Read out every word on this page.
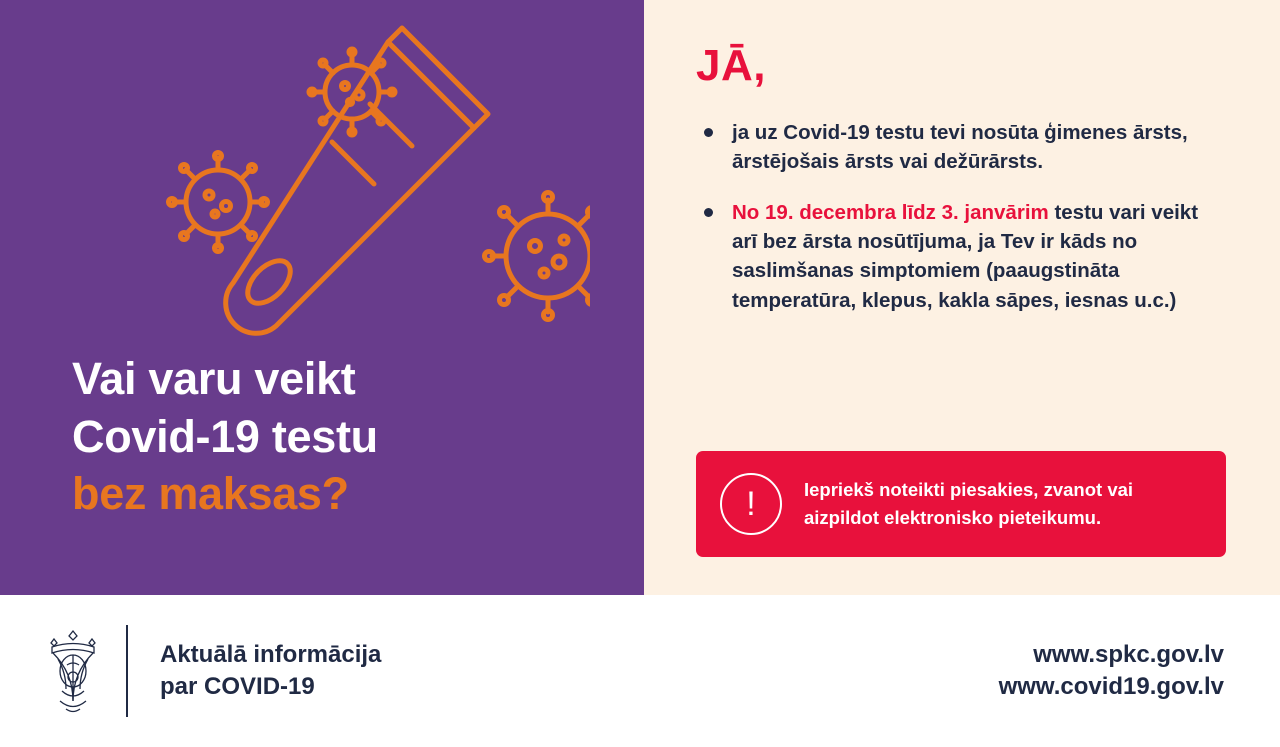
Vai varu veikt
Covid-19 testu
bez maksas?
JĀ,
ja uz Covid-19 testu tevi nosūta ģimenes ārsts, ārstējošais ārsts vai dežūrārsts.
No 19. decembra līdz 3. janvārim testu vari veikt arī bez ārsta nosūtījuma, ja Tev ir kāds no saslimšanas simptomiem (paaugstināta temperatūra, klepus, kakla sāpes, iesnas u.c.)
!	Iepriekš noteikti piesakies, zvanot vai aizpildot elektronisko pieteikumu.
Aktuālā informācija
par COVID-19
www.spkc.gov.lv
www.covid19.gov.lv
